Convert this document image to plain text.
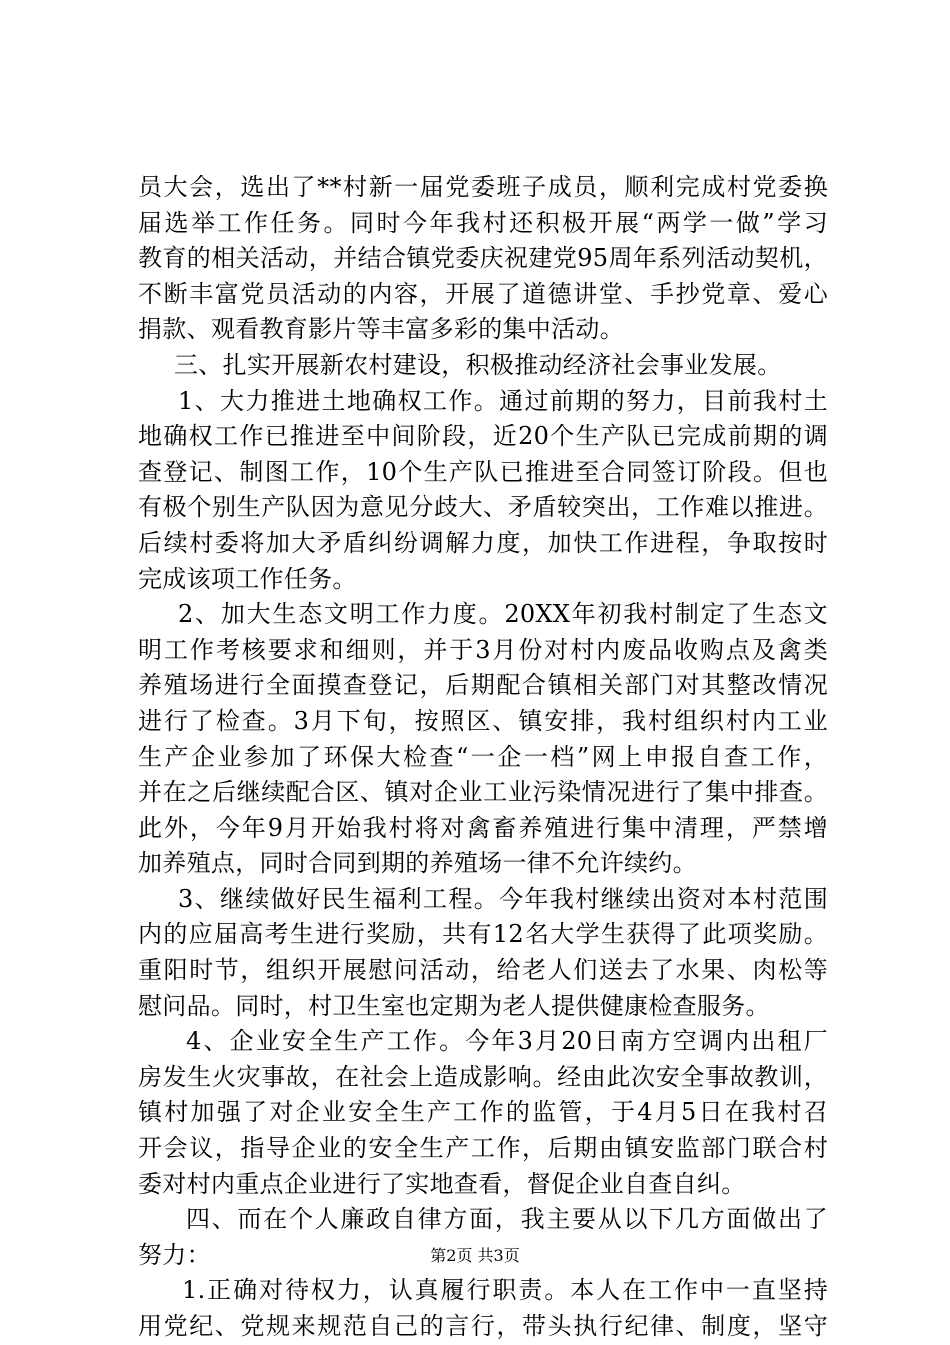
员大会，选出了**村新一届党委班子成员，顺利完成村党委换
届选举工作任务。同时今年我村还积极开展“两学一做”学习
教育的相关活动，并结合镇党委庆祝建党95周年系列活动契机，
不断丰富党员活动的内容，开展了道德讲堂、手抄党章、爱心
捐款、观看教育影片等丰富多彩的集中活动。
三、扎实开展新农村建设，积极推动经济社会事业发展。
1、大力推进土地确权工作。通过前期的努力，目前我村土
地确权工作已推进至中间阶段，近20个生产队已完成前期的调
查登记、制图工作，10个生产队已推进至合同签订阶段。但也
有极个别生产队因为意见分歧大、矛盾较突出，工作难以推进。
后续村委将加大矛盾纠纷调解力度，加快工作进程，争取按时
完成该项工作任务。
2、加大生态文明工作力度。20XX年初我村制定了生态文
明工作考核要求和细则，并于3月份对村内废品收购点及禽类
养殖场进行全面摸查登记，后期配合镇相关部门对其整改情况
进行了检查。3月下旬，按照区、镇安排，我村组织村内工业
生产企业参加了环保大检查“一企一档”网上申报自查工作，
并在之后继续配合区、镇对企业工业污染情况进行了集中排查。
此外，今年9月开始我村将对禽畜养殖进行集中清理，严禁增
加养殖点，同时合同到期的养殖场一律不允许续约。
3、继续做好民生福利工程。今年我村继续出资对本村范围
内的应届高考生进行奖励，共有12名大学生获得了此项奖励。
重阳时节，组织开展慰问活动，给老人们送去了水果、肉松等
慰问品。同时，村卫生室也定期为老人提供健康检查服务。
4、企业安全生产工作。今年3月20日南方空调内出租厂
房发生火灾事故，在社会上造成影响。经由此次安全事故教训，
镇村加强了对企业安全生产工作的监管，于4月5日在我村召
开会议，指导企业的安全生产工作，后期由镇安监部门联合村
委对村内重点企业进行了实地查看，督促企业自查自纠。
四、而在个人廉政自律方面，我主要从以下几方面做出了
努力：
1.正确对待权力，认真履行职责。本人在工作中一直坚持
用党纪、党规来规范自己的言行，带头执行纪律、制度，坚守
第2页 共3页
